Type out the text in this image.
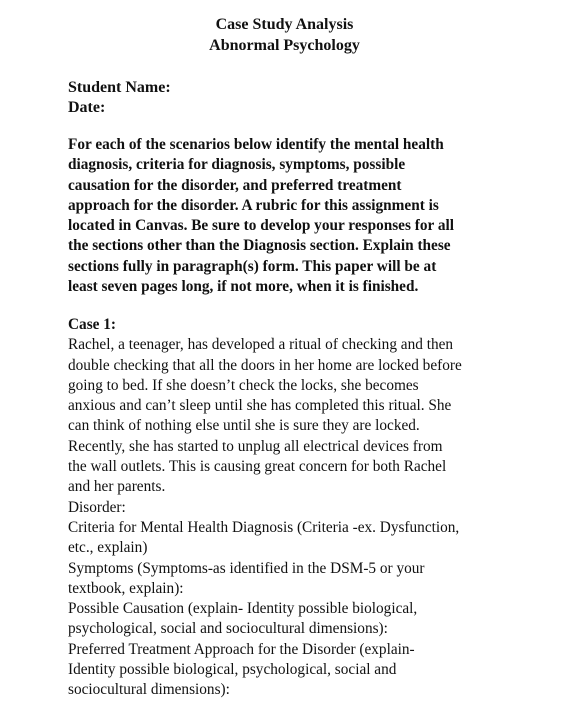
Case Study Analysis
Abnormal Psychology
Student Name:
Date:
For each of the scenarios below identify the mental health
diagnosis, criteria for diagnosis, symptoms, possible
causation for the disorder, and preferred treatment
approach for the disorder. A rubric for this assignment is
located in Canvas. Be sure to develop your responses for all
the sections other than the Diagnosis section. Explain these
sections fully in paragraph(s) form. This paper will be at
least seven pages long, if not more, when it is finished.
Case 1:
Rachel, a teenager, has developed a ritual of checking and then
double checking that all the doors in her home are locked before
going to bed. If she doesn’t check the locks, she becomes
anxious and can’t sleep until she has completed this ritual. She
can think of nothing else until she is sure they are locked.
Recently, she has started to unplug all electrical devices from
the wall outlets. This is causing great concern for both Rachel
and her parents.
Disorder:
Criteria for Mental Health Diagnosis (Criteria -ex. Dysfunction,
etc., explain)
Symptoms (Symptoms-as identified in the DSM-5 or your
textbook, explain):
Possible Causation (explain- Identity possible biological,
psychological, social and sociocultural dimensions):
Preferred Treatment Approach for the Disorder (explain-
Identity possible biological, psychological, social and
sociocultural dimensions):
